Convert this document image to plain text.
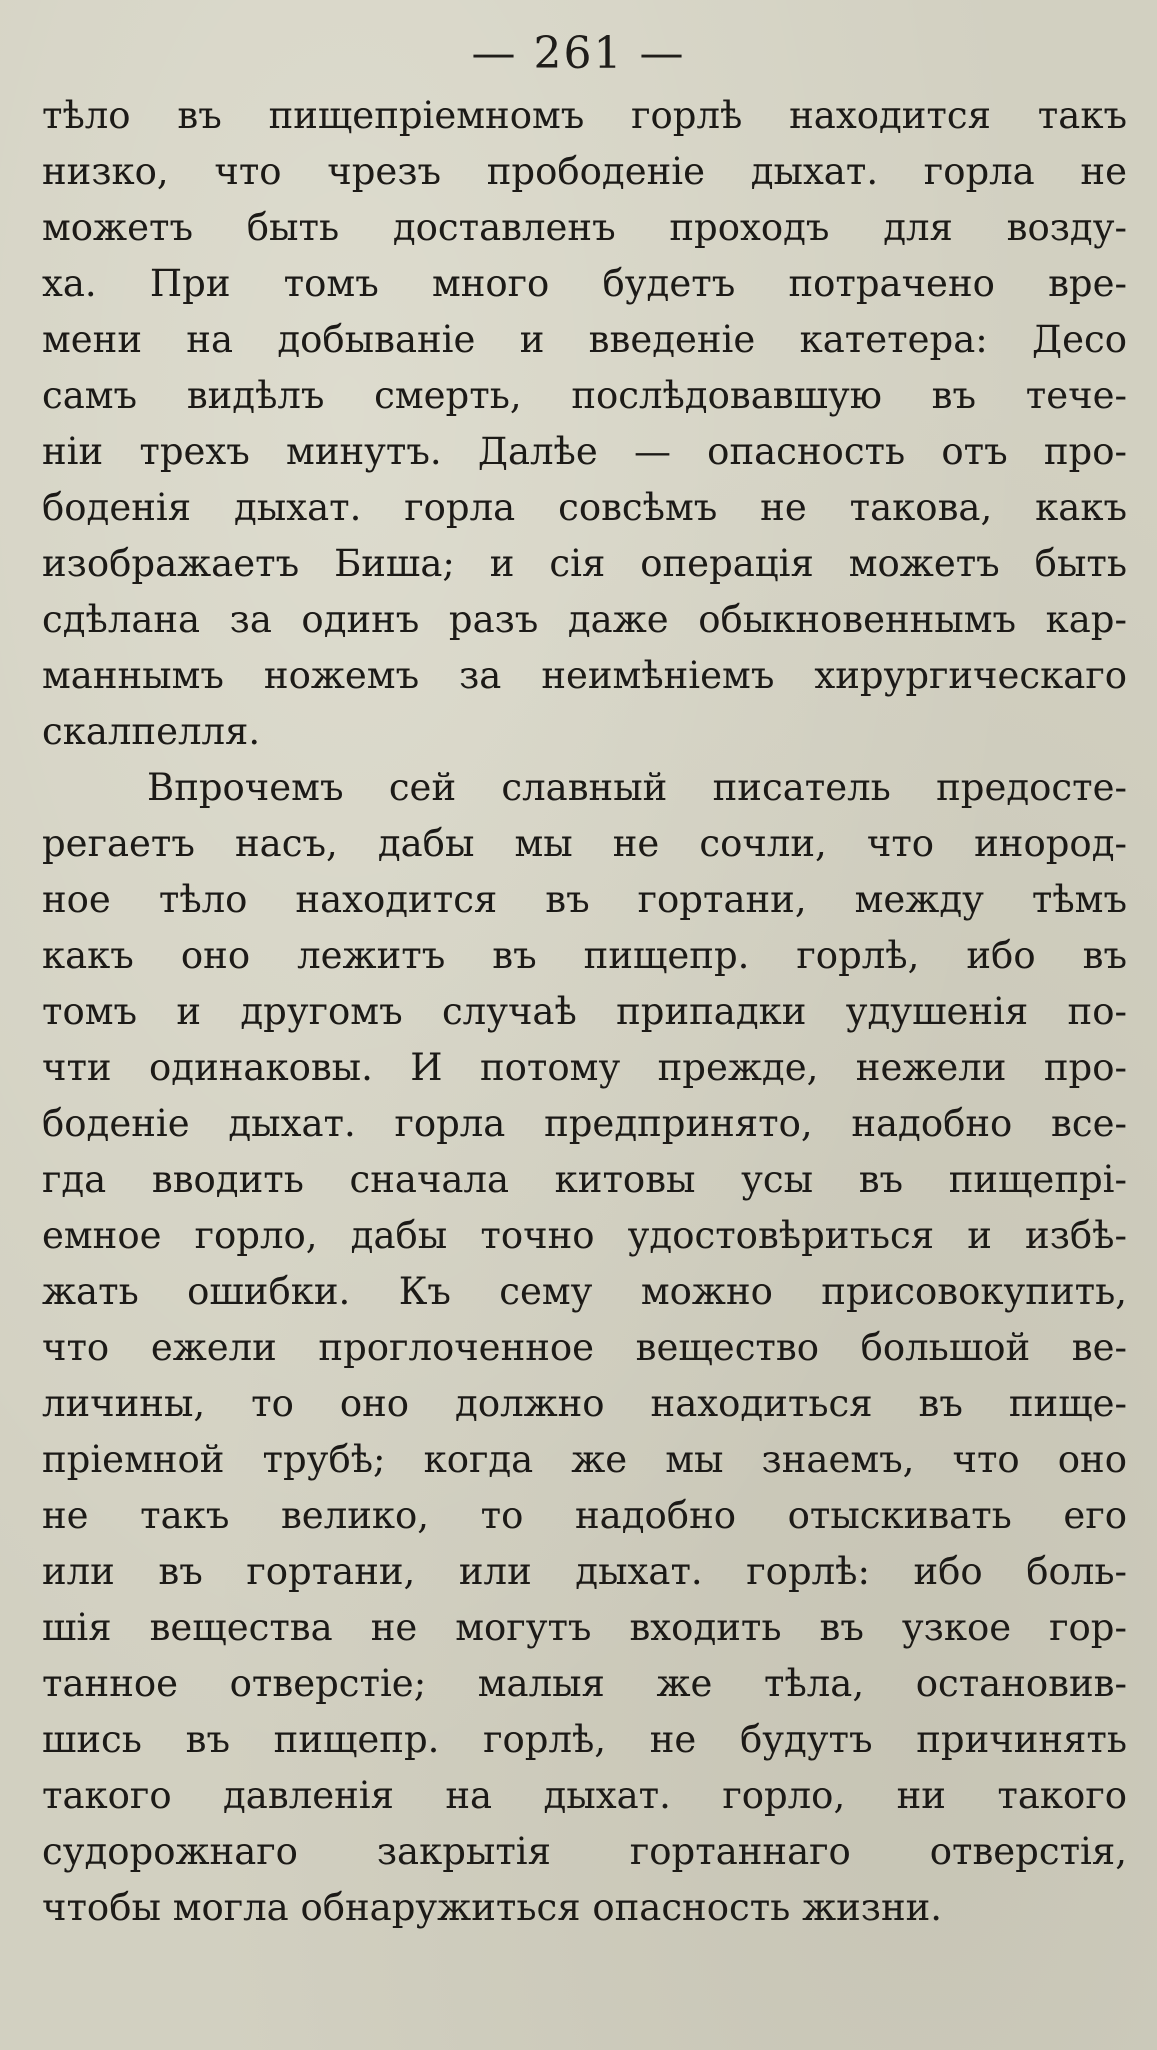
— 261 —
тѣло въ пищепріемномъ горлѣ находится такъ
низко, что чрезъ прободеніе дыхат. горла не
можетъ быть доставленъ проходъ для возду-
ха. При томъ много будетъ потрачено вре-
мени на добываніе и введеніе катетера: Десо
самъ видѣлъ смерть, послѣдовавшую въ тече-
ніи трехъ минутъ. Далѣе — опасность отъ про-
боденія дыхат. горла совсѣмъ не такова, какъ
изображаетъ Биша; и сія операція можетъ быть
сдѣлана за одинъ разъ даже обыкновеннымъ кар-
маннымъ ножемъ за неимѣніемъ хирургическаго
скалпелля.
Впрочемъ сей славный писатель предосте-
регаетъ насъ, дабы мы не сочли, что инород-
ное тѣло находится въ гортани, между тѣмъ
какъ оно лежитъ въ пищепр. горлѣ, ибо въ
томъ и другомъ случаѣ припадки удушенія по-
чти одинаковы. И потому прежде, нежели про-
боденіе дыхат. горла предпринято, надобно все-
гда вводить сначала китовы усы въ пищепрі-
емное горло, дабы точно удостовѣриться и избѣ-
жать ошибки. Къ сему можно присовокупить,
что ежели проглоченное вещество большой ве-
личины, то оно должно находиться въ пище-
пріемной трубѣ; когда же мы знаемъ, что оно
не такъ велико, то надобно отыскивать его
или въ гортани, или дыхат. горлѣ: ибо боль-
шія вещества не могутъ входить въ узкое гор-
танное отверстіе; малыя же тѣла, остановив-
шись въ пищепр. горлѣ, не будутъ причинять
такого давленія на дыхат. горло, ни такого
судорожнаго закрытія гортаннаго отверстія,
чтобы могла обнаружиться опасность жизни.
